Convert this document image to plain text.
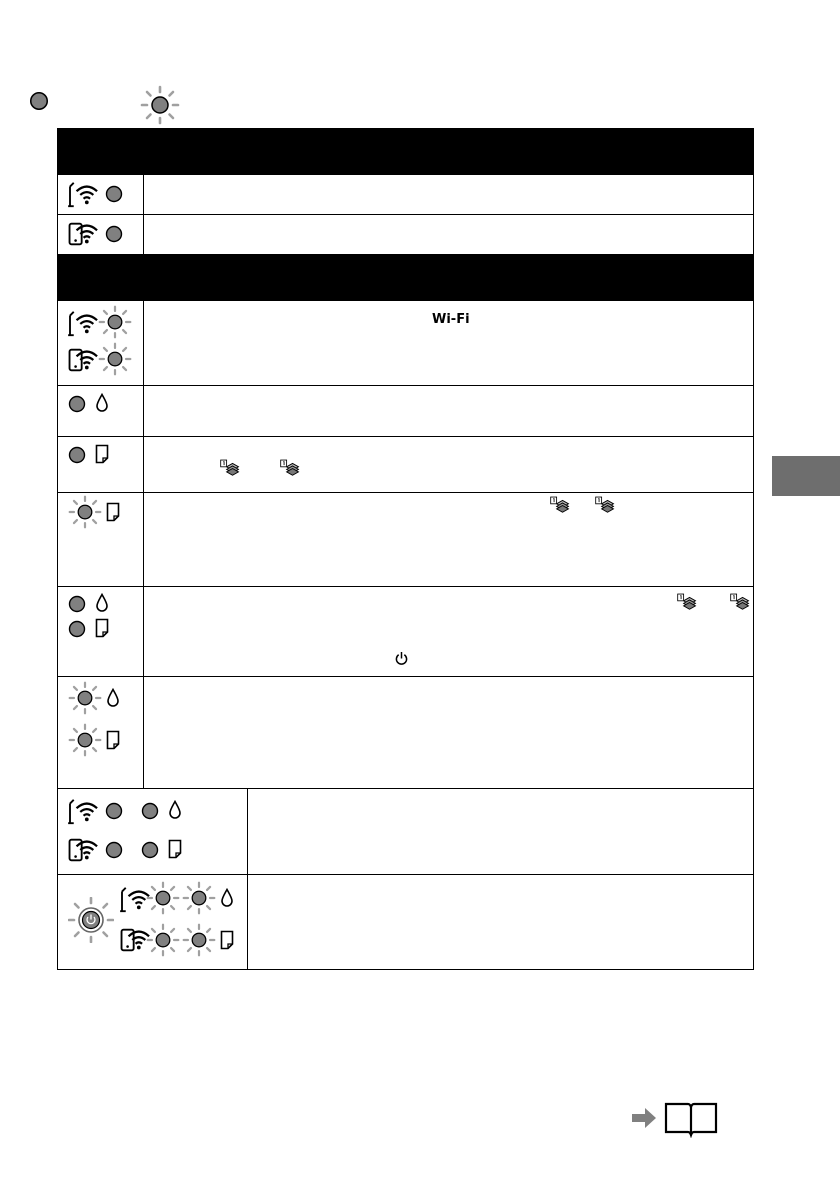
Wi-Fi
